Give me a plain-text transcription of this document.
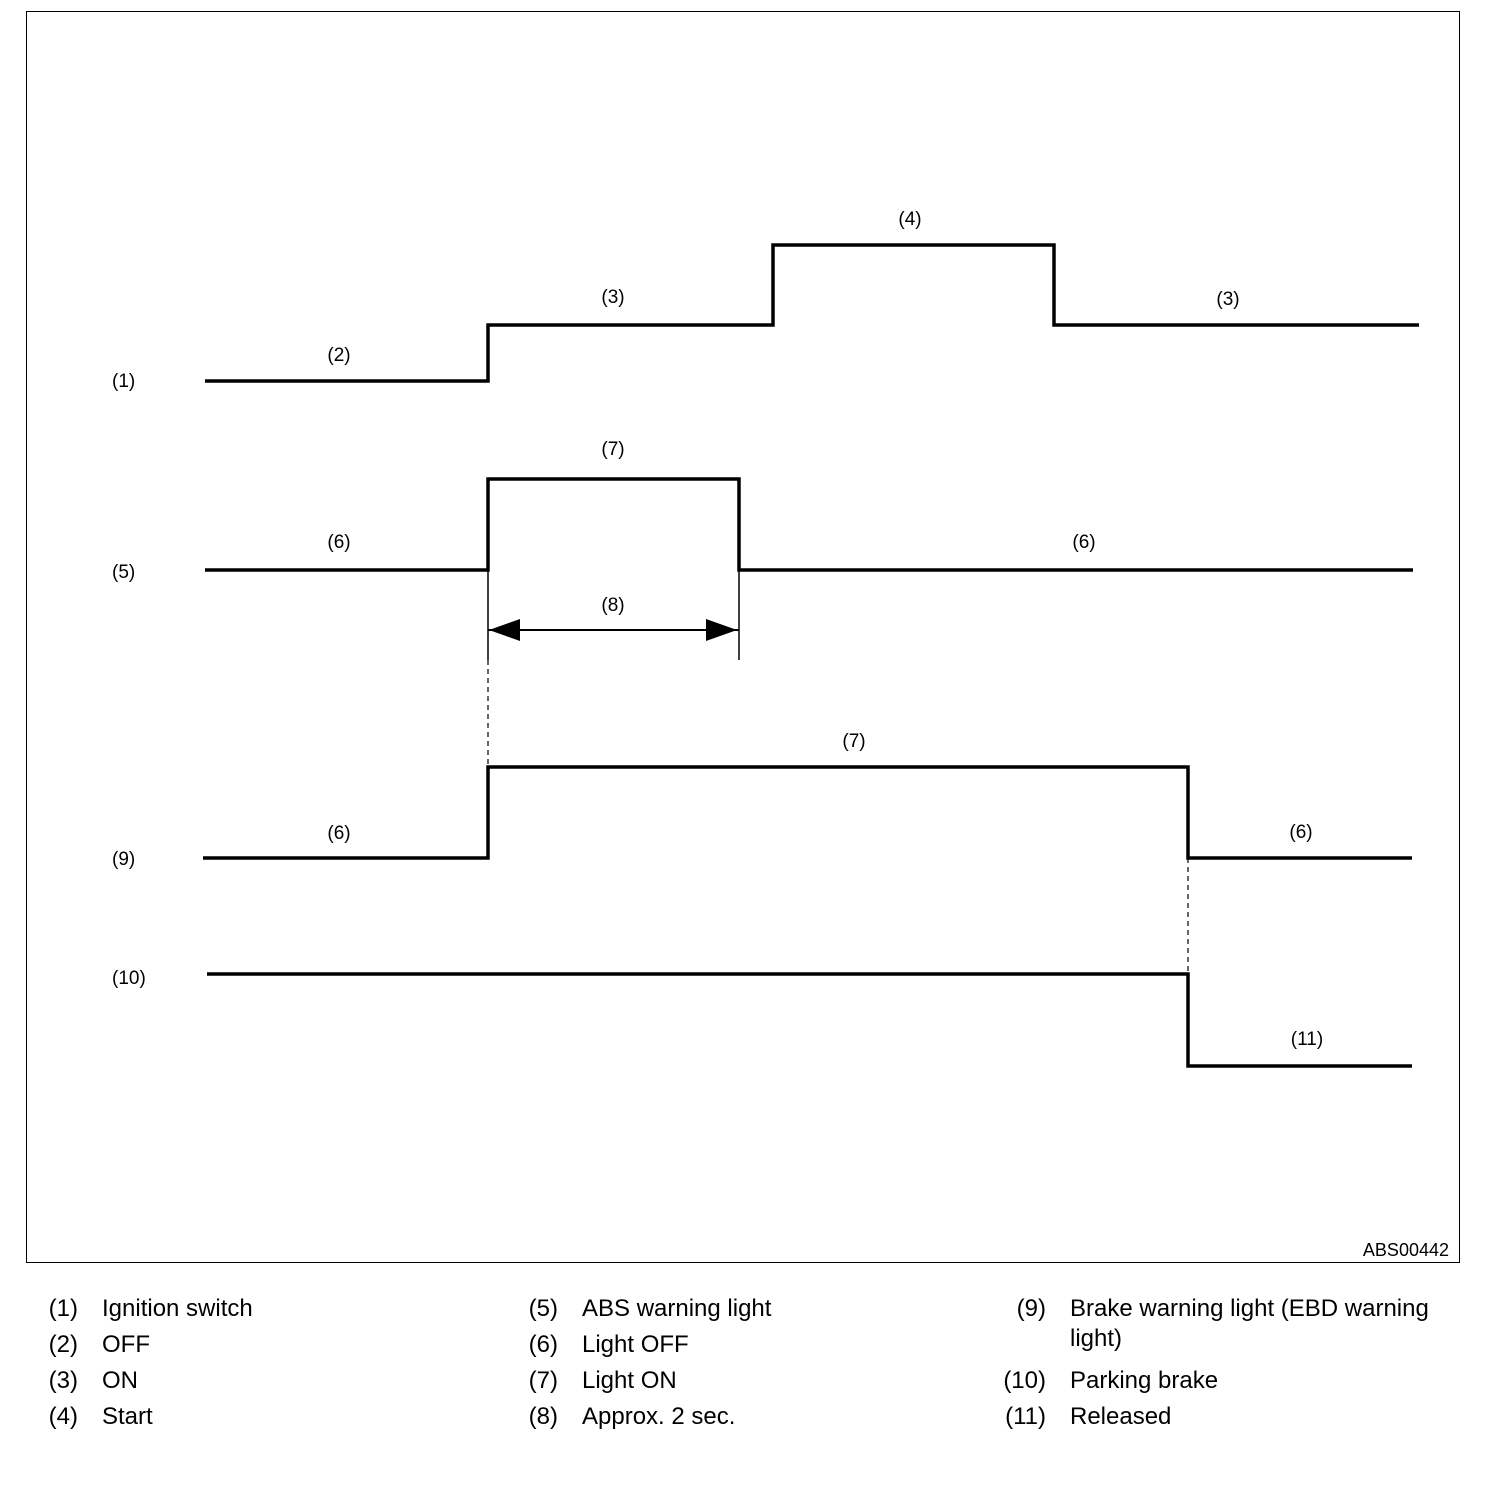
(1)
(2)
(3)
(4)
(3)
(5)
(6)
(7)
(6)
(8)
(9)
(6)
(7)
(6)
(10)
(11)
ABS00442
(1) Ignition switch
(2) OFF
(3) ON
(4) Start
(5) ABS warning light
(6) Light OFF
(7) Light ON
(8) Approx. 2 sec.
(9) Brake warning light (EBD warning light)
(10) Parking brake
(11) Released
